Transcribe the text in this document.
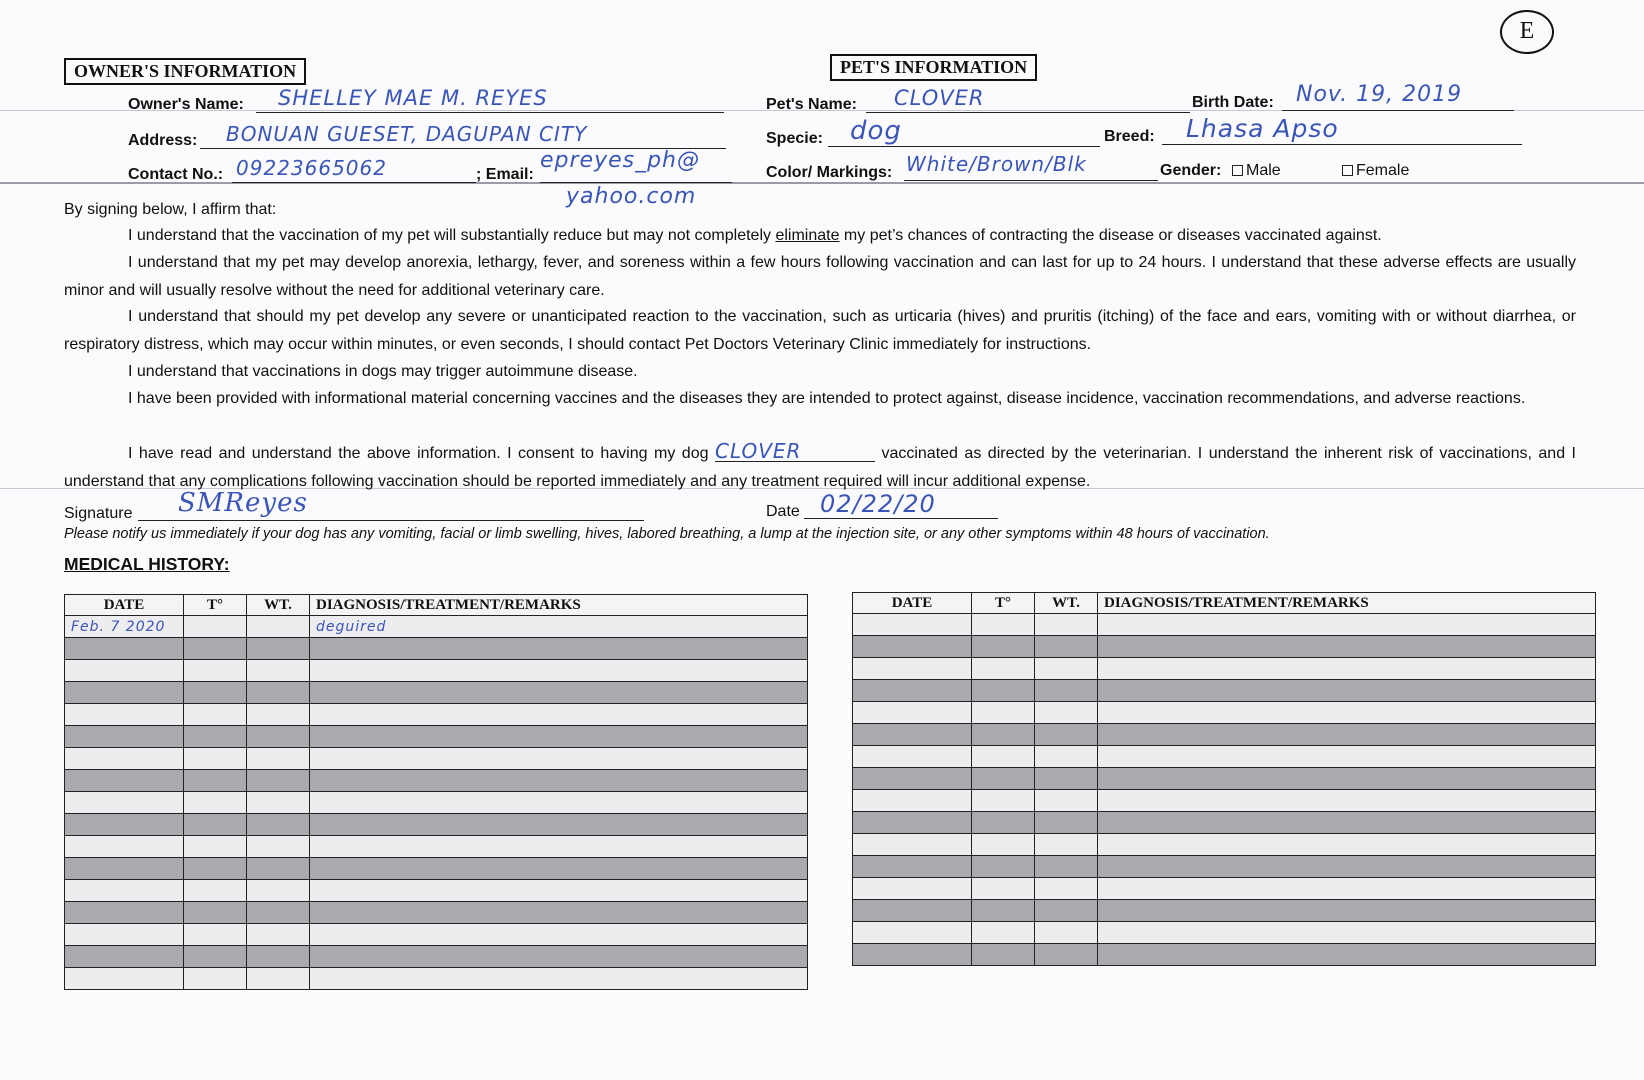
E
OWNER'S INFORMATION
Owner's Name: SHELLEY MAE M. REYES
Address: BONUAN GUESET, DAGUPAN CITY
Contact No.: 09223665062	; Email:
epreyes_ph@
yahoo.com
PET'S INFORMATION
Pet's Name: CLOVER	Birth Date: Nov. 19, 2019
Specie: dog	Breed: Lhasa Apso
Color/ Markings: White/Brown/Blk	Gender:	Male	Female
By signing below, I affirm that:
I understand that the vaccination of my pet will substantially reduce but may not completely eliminate my pet’s chances of contracting the disease or diseases vaccinated against.
I understand that my pet may develop anorexia, lethargy, fever, and soreness within a few hours following vaccination and can last for up to 24 hours. I understand that these adverse effects are usually minor and will usually resolve without the need for additional veterinary care.
I understand that should my pet develop any severe or unanticipated reaction to the vaccination, such as urticaria (hives) and pruritis (itching) of the face and ears, vomiting with or without diarrhea, or respiratory distress, which may occur within minutes, or even seconds, I should contact Pet Doctors Veterinary Clinic immediately for instructions.
I understand that vaccinations in dogs may trigger autoimmune disease.
I have been provided with informational material concerning vaccines and the diseases they are intended to protect against, disease incidence, vaccination recommendations, and adverse reactions.
I have read and understand the above information. I consent to having my dog CLOVER	vaccinated as directed by the veterinarian. I understand the inherent risk of vaccinations, and I understand that any complications following vaccination should be reported immediately and any treatment required will incur additional expense.
Signature SMReyes	Date 02/22/20
Please notify us immediately if your dog has any vomiting, facial or limb swelling, hives, labored breathing, a lump at the injection site, or any other symptoms within 48 hours of vaccination.
MEDICAL HISTORY:
DATE	T°	WT.	DIAGNOSIS/TREATMENT/REMARKS
Feb. 7 2020			deguired

DATE	T°	WT.	DIAGNOSIS/TREATMENT/REMARKS
